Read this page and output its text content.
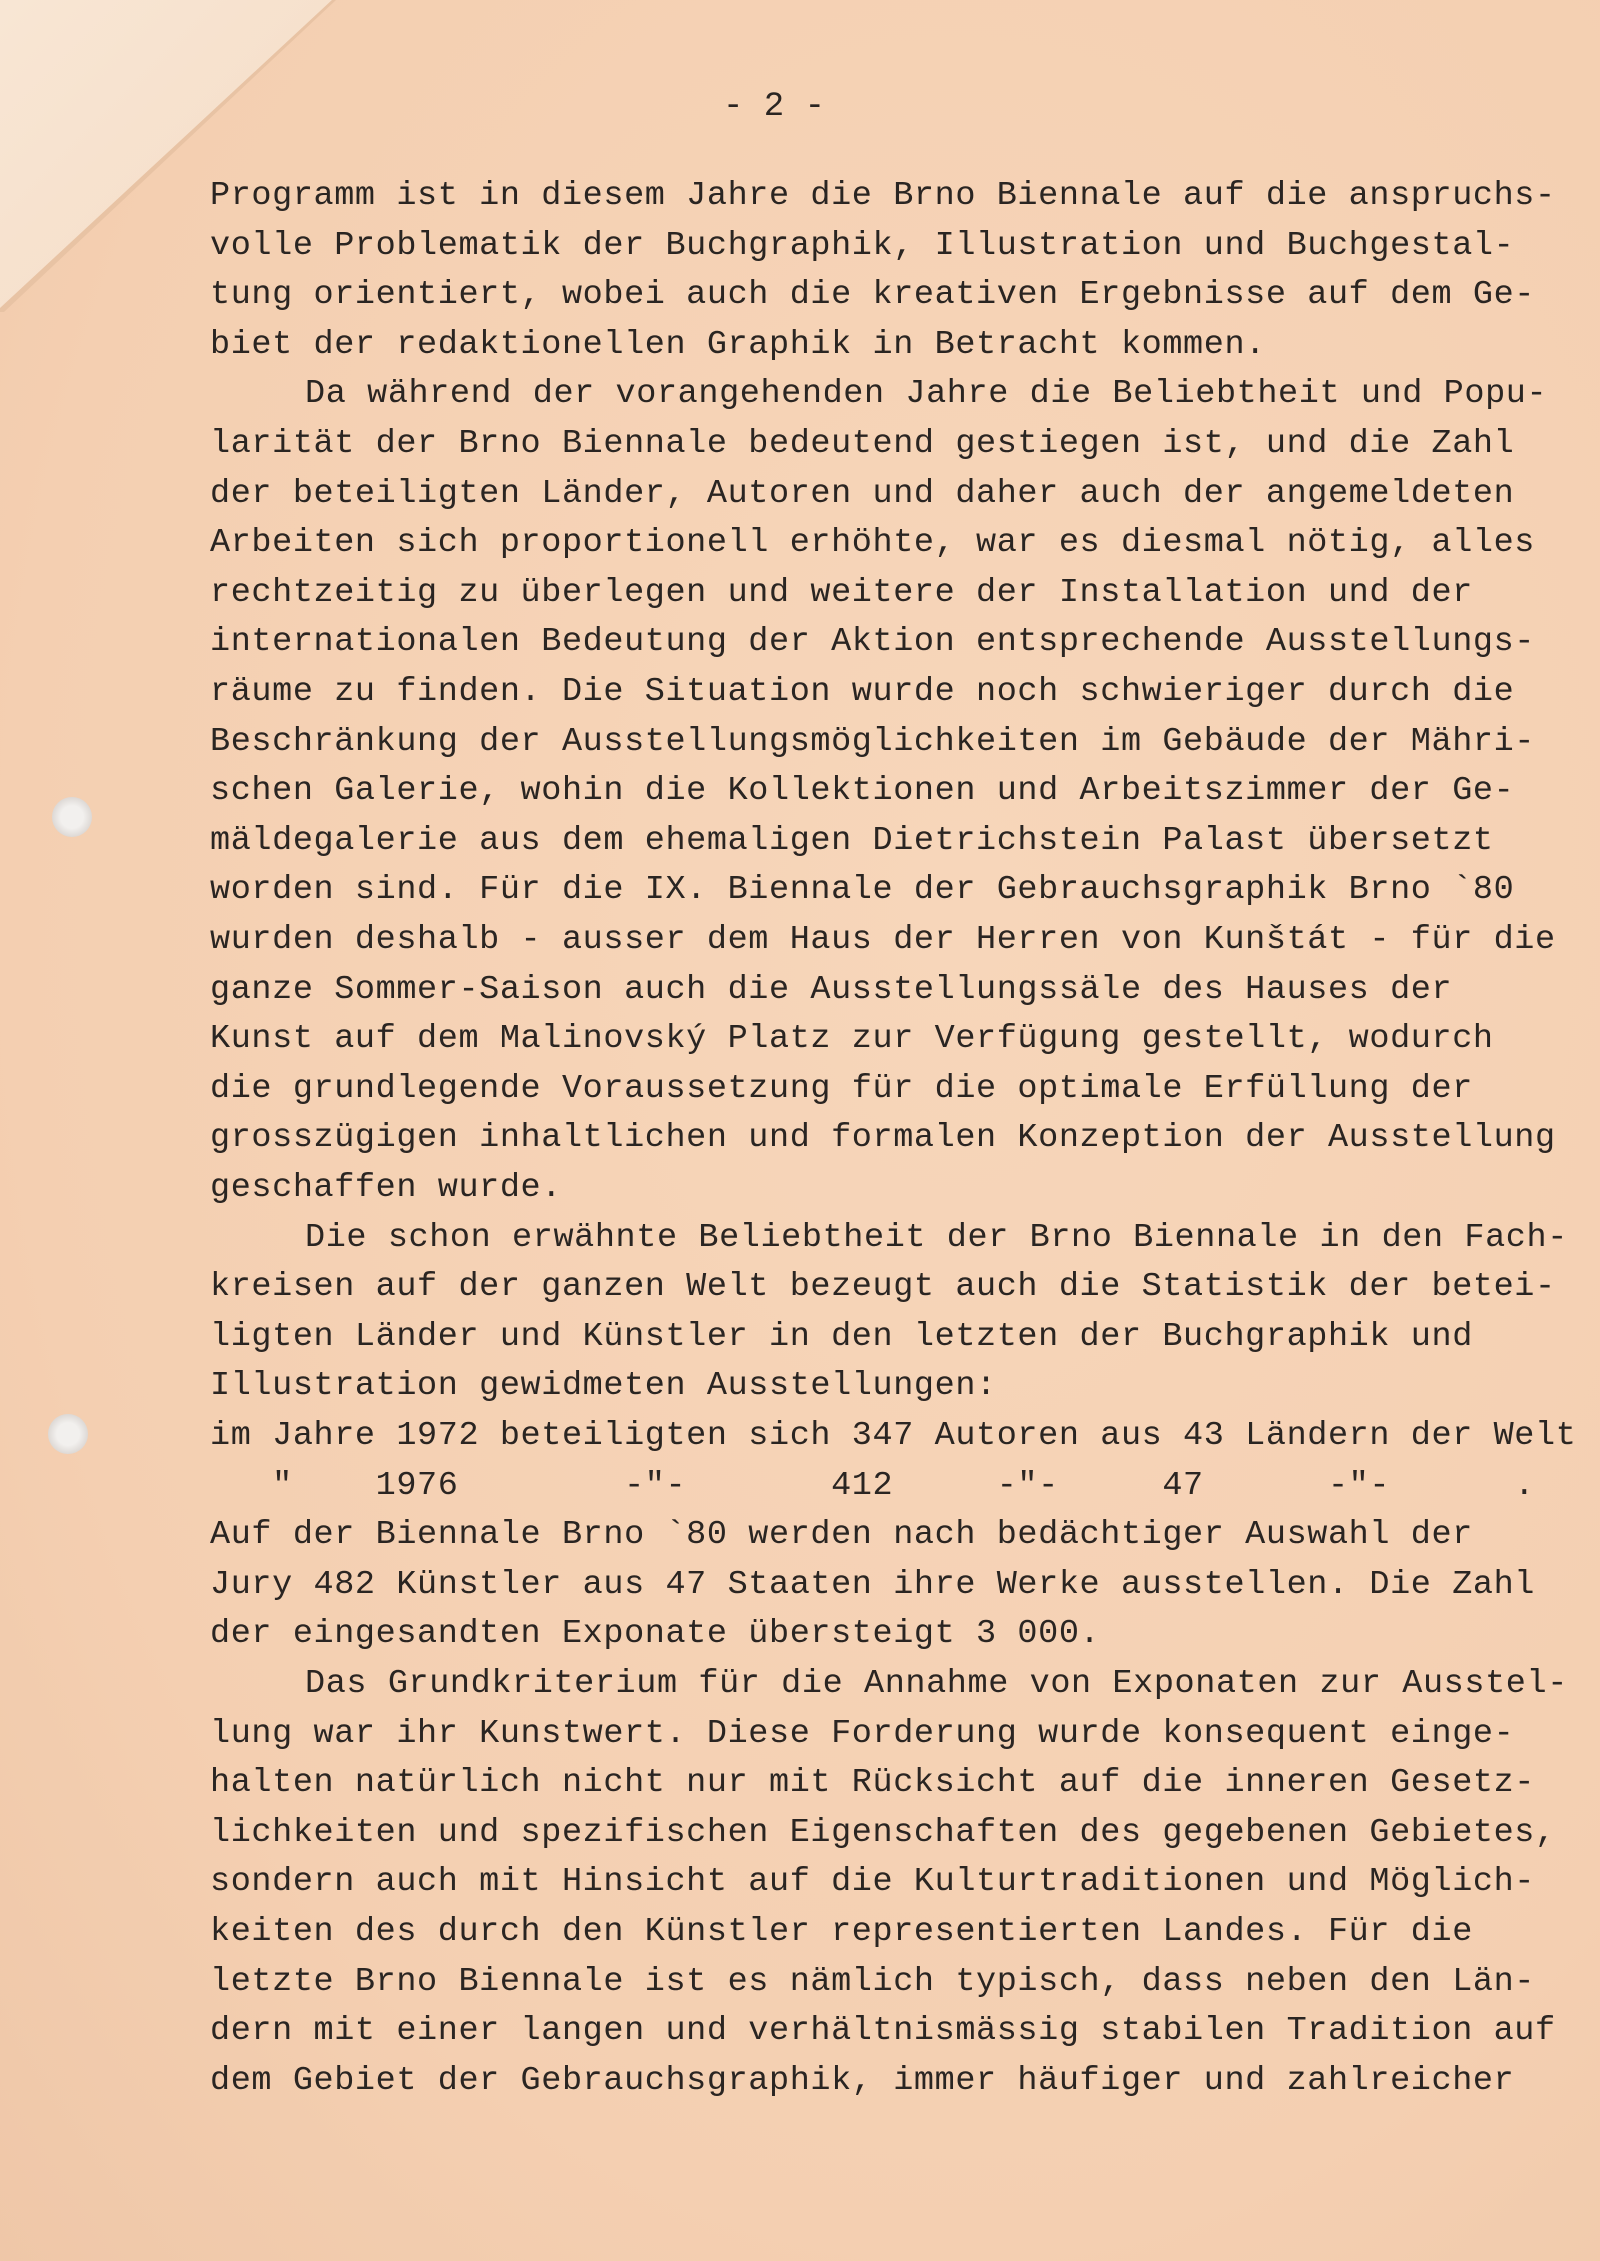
- 2 -
Programm ist in diesem Jahre die Brno Biennale auf die anspruchs-
volle Problematik der Buchgraphik, Illustration und Buchgestal-
tung orientiert, wobei auch die kreativen Ergebnisse auf dem Ge-
biet der redaktionellen Graphik in Betracht kommen.
Da während der vorangehenden Jahre die Beliebtheit und Popu-
larität der Brno Biennale bedeutend gestiegen ist, und die Zahl
der beteiligten Länder, Autoren und daher auch der angemeldeten
Arbeiten sich proportionell erhöhte, war es diesmal nötig, alles
rechtzeitig zu überlegen und weitere der Installation und der
internationalen Bedeutung der Aktion entsprechende Ausstellungs-
räume zu finden. Die Situation wurde noch schwieriger durch die
Beschränkung der Ausstellungsmöglichkeiten im Gebäude der Mähri-
schen Galerie, wohin die Kollektionen und Arbeitszimmer der Ge-
mäldegalerie aus dem ehemaligen Dietrichstein Palast übersetzt
worden sind. Für die IX. Biennale der Gebrauchsgraphik Brno `80
wurden deshalb - ausser dem Haus der Herren von Kunštát - für die
ganze Sommer-Saison auch die Ausstellungssäle des Hauses der
Kunst auf dem Malinovský Platz zur Verfügung gestellt, wodurch
die grundlegende Voraussetzung für die optimale Erfüllung der
grosszügigen inhaltlichen und formalen Konzeption der Ausstellung
geschaffen wurde.
Die schon erwähnte Beliebtheit der Brno Biennale in den Fach-
kreisen auf der ganzen Welt bezeugt auch die Statistik der betei-
ligten Länder und Künstler in den letzten der Buchgraphik und
Illustration gewidmeten Ausstellungen:
im Jahre 1972 beteiligten sich 347 Autoren aus 43 Ländern der Welt
"    1976        -"-       412     -"-     47      -"-      .
Auf der Biennale Brno `80 werden nach bedächtiger Auswahl der
Jury 482 Künstler aus 47 Staaten ihre Werke ausstellen. Die Zahl
der eingesandten Exponate übersteigt 3 000.
Das Grundkriterium für die Annahme von Exponaten zur Ausstel-
lung war ihr Kunstwert. Diese Forderung wurde konsequent einge-
halten natürlich nicht nur mit Rücksicht auf die inneren Gesetz-
lichkeiten und spezifischen Eigenschaften des gegebenen Gebietes,
sondern auch mit Hinsicht auf die Kulturtraditionen und Möglich-
keiten des durch den Künstler representierten Landes. Für die
letzte Brno Biennale ist es nämlich typisch, dass neben den Län-
dern mit einer langen und verhältnismässig stabilen Tradition auf
dem Gebiet der Gebrauchsgraphik, immer häufiger und zahlreicher
